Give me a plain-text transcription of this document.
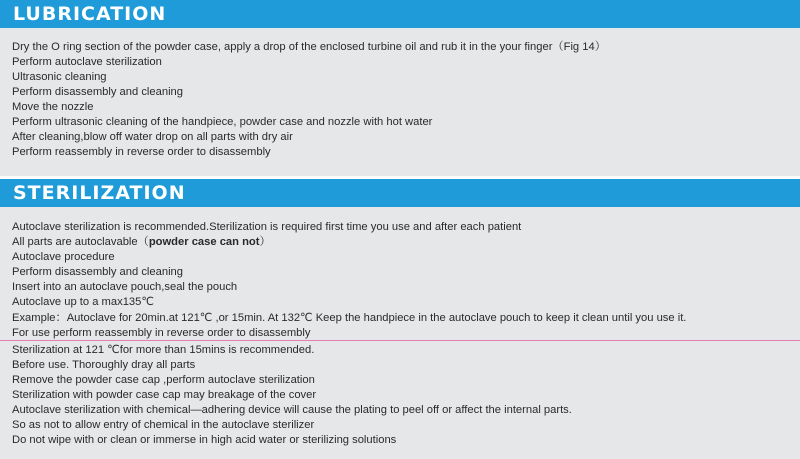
LUBRICATION
Dry the O ring section of the powder case, apply a drop of the enclosed turbine oil and rub it in the your finger（Fig 14）
Perform autoclave sterilization
Ultrasonic cleaning
Perform disassembly and cleaning
Move the nozzle
Perform ultrasonic cleaning of the handpiece, powder case and nozzle with hot water
After cleaning,blow off water drop on all parts with dry air
Perform reassembly in reverse order to disassembly
STERILIZATION
Autoclave sterilization is recommended.Sterilization is required first time you use and after each patient
All parts are autoclavable（powder case can not）
Autoclave procedure
Perform disassembly and cleaning
Insert into an autoclave pouch,seal the pouch
Autoclave up to a max135℃
Example：Autoclave for 20min.at 121℃ ,or 15min. At 132℃ Keep the handpiece in the autoclave pouch to keep it clean until you use it.
For use perform reassembly in reverse order to disassembly
Sterilization at 121 ℃for more than 15mins is recommended.
Before use. Thoroughly dray all parts
Remove the powder case cap ,perform autoclave sterilization
Sterilization with powder case cap may breakage of the cover
Autoclave sterilization with chemical—adhering device will cause the plating to peel off or affect the internal parts.
So as not to allow entry of chemical in the autoclave sterilizer
Do not wipe with or clean or immerse in high acid water or sterilizing solutions
